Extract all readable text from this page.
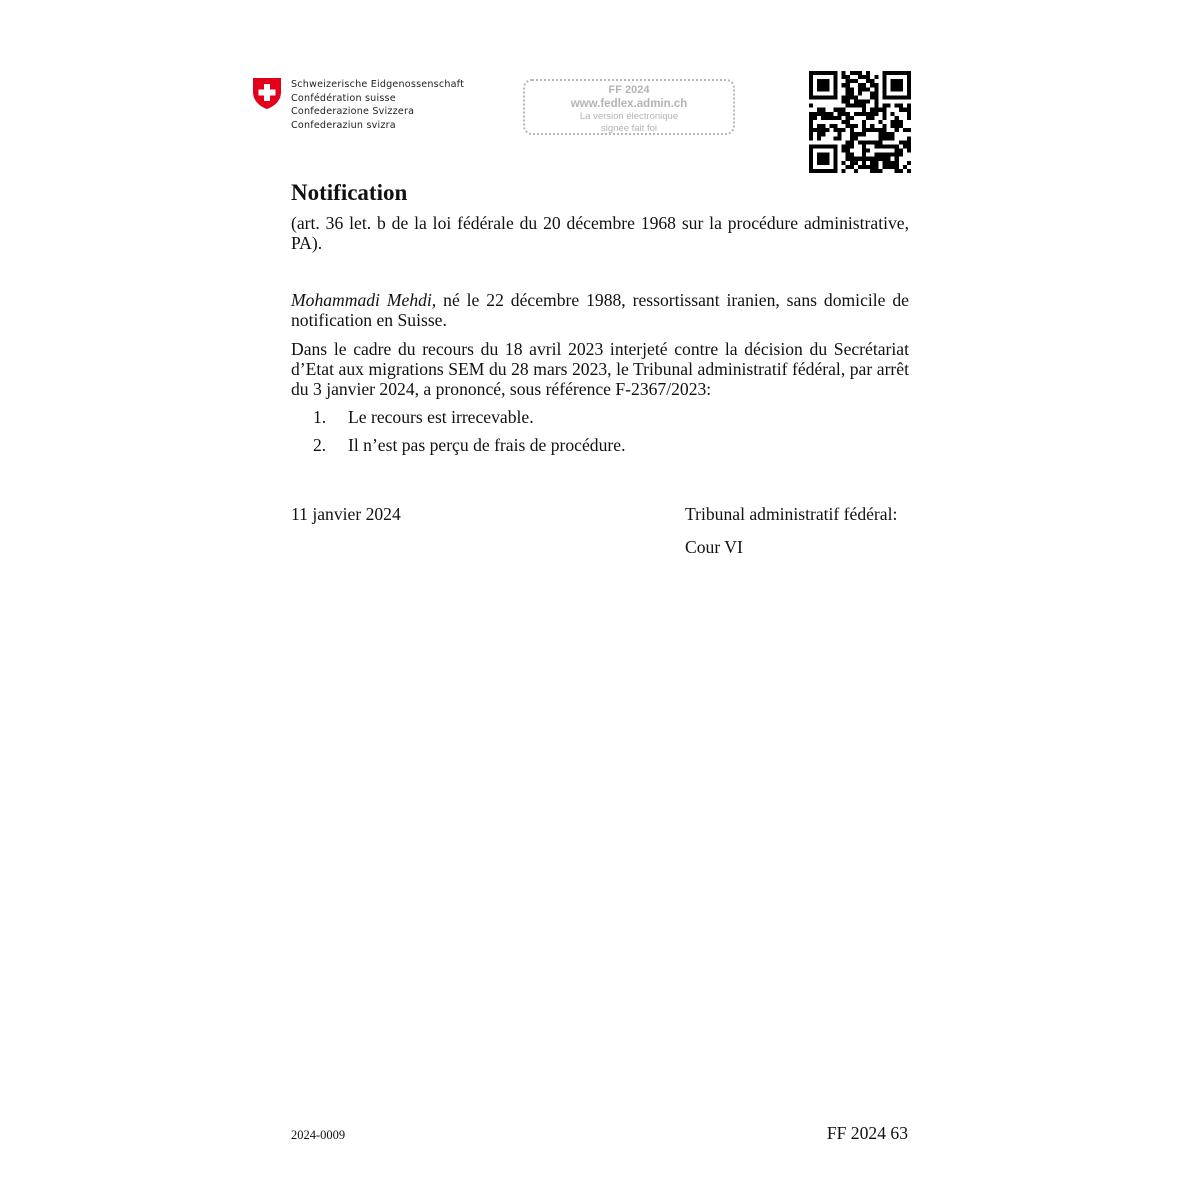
Schweizerische Eidgenossenschaft
Confédération suisse
Confederazione Svizzera
Confederaziun svizra
FF 2024
www.fedlex.admin.ch
La version électronique
signée fait foi
Notification
(art. 36 let. b de la loi fédérale du 20 décembre 1968 sur la procédure administrative, PA).
Mohammadi Mehdi, né le 22 décembre 1988, ressortissant iranien, sans domicile de notification en Suisse.
Dans le cadre du recours du 18 avril 2023 interjeté contre la décision du Secrétariat d’Etat aux migrations SEM du 28 mars 2023, le Tribunal administratif fédéral, par arrêt du 3 janvier 2024, a prononcé, sous référence F-2367/2023:
1. Le recours est irrecevable.
2. Il n’est pas perçu de frais de procédure.
11 janvier 2024	Tribunal administratif fédéral:
Cour VI
2024-0009	FF 2024 63
